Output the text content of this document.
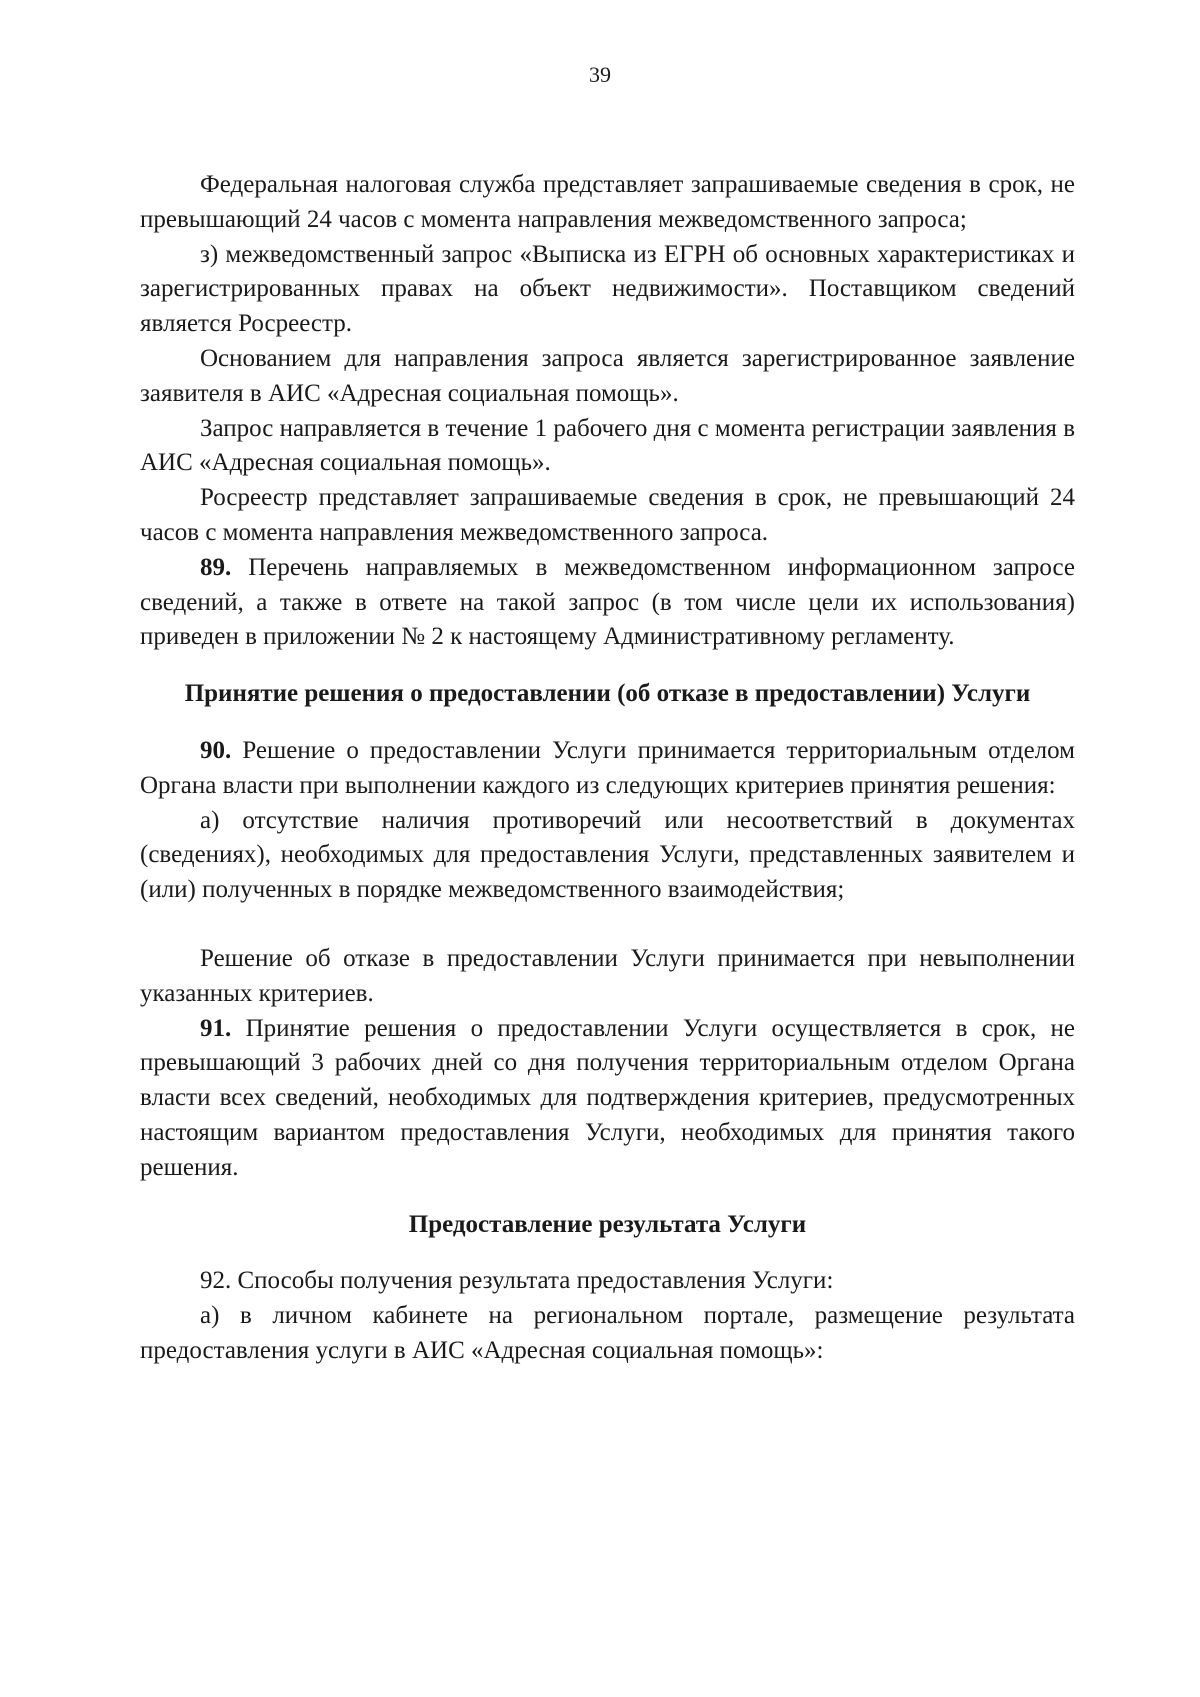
39

Федеральная налоговая служба представляет запрашиваемые сведения в срок, не превышающий 24 часов с момента направления межведомственного запроса;

з) межведомственный запрос «Выписка из ЕГРН об основных характеристиках и зарегистрированных правах на объект недвижимости». Поставщиком сведений является Росреестр.

Основанием для направления запроса является зарегистрированное заявление заявителя в АИС «Адресная социальная помощь».

Запрос направляется в течение 1 рабочего дня с момента регистрации заявления в АИС «Адресная социальная помощь».

Росреестр представляет запрашиваемые сведения в срок, не превышающий 24 часов с момента направления межведомственного запроса.

89. Перечень направляемых в межведомственном информационном запросе сведений, а также в ответе на такой запрос (в том числе цели их использования) приведен в приложении № 2 к настоящему Административному регламенту.

Принятие решения о предоставлении (об отказе в предоставлении) Услуги

90. Решение о предоставлении Услуги принимается территориальным отделом Органа власти при выполнении каждого из следующих критериев принятия решения:

а) отсутствие наличия противоречий или несоответствий в документах (сведениях), необходимых для предоставления Услуги, представленных заявителем и (или) полученных в порядке межведомственного взаимодействия;

Решение об отказе в предоставлении Услуги принимается при невыполнении указанных критериев.

91. Принятие решения о предоставлении Услуги осуществляется в срок, не превышающий 3 рабочих дней со дня получения территориальным отделом Органа власти всех сведений, необходимых для подтверждения критериев, предусмотренных настоящим вариантом предоставления Услуги, необходимых для принятия такого решения.

Предоставление результата Услуги

92. Способы получения результата предоставления Услуги:

а) в личном кабинете на региональном портале, размещение результата предоставления услуги в АИС «Адресная социальная помощь»:
